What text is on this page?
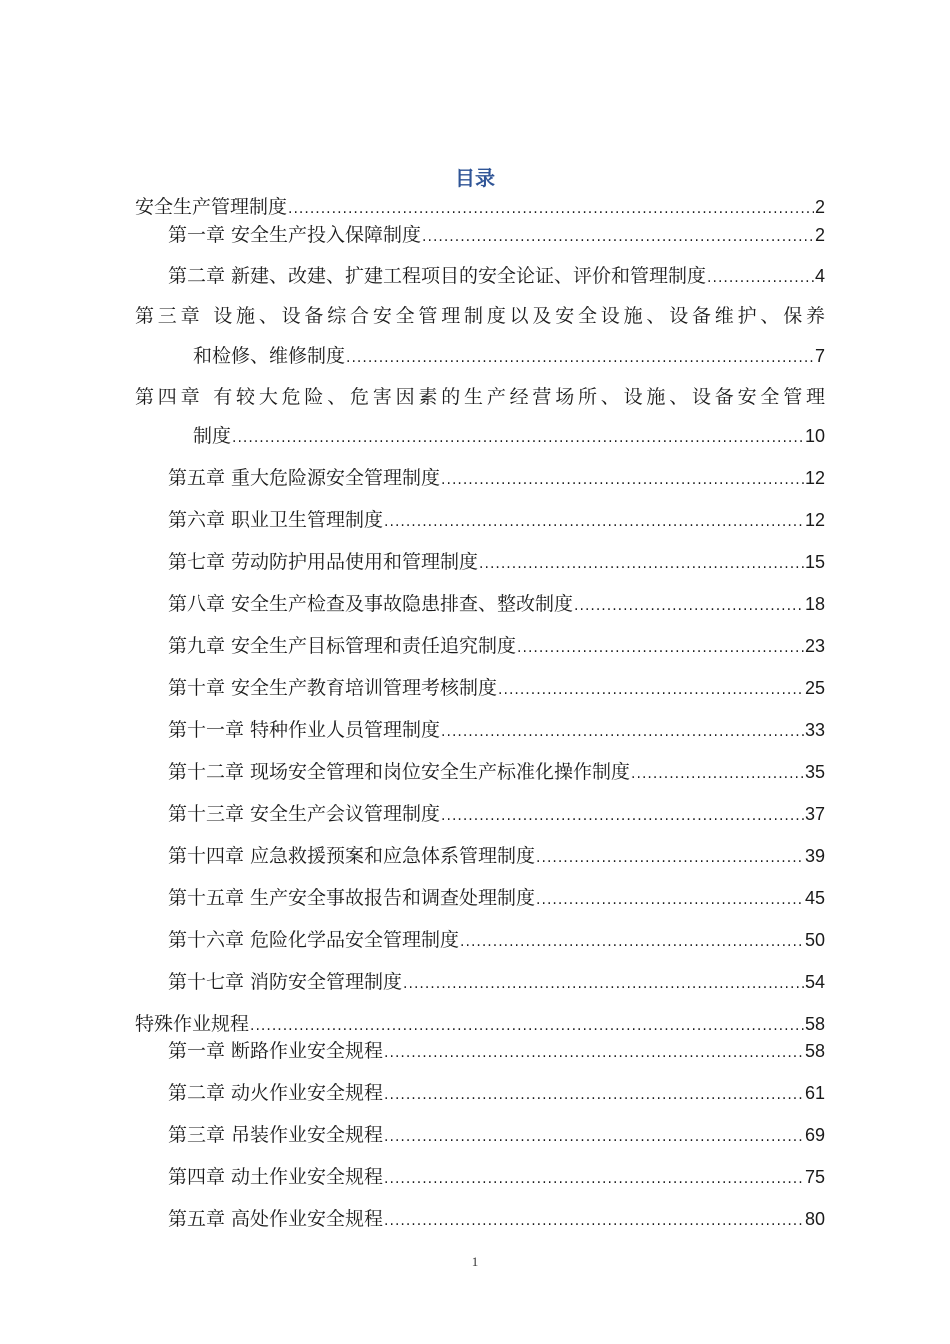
目录
安全生产管理制度 .....	2
第一章 安全生产投入保障制度 .....	2
第二章 新建、改建、扩建工程项目的安全论证、评价和管理制度 .....	4
第三章 设施、设备综合安全管理制度以及安全设施、设备维护、保养
和检修、维修制度 .....	7
第四章 有较大危险、危害因素的生产经营场所、设施、设备安全管理
制度 .....	10
第五章 重大危险源安全管理制度 .....	12
第六章 职业卫生管理制度 .....	12
第七章 劳动防护用品使用和管理制度 .....	15
第八章 安全生产检查及事故隐患排查、整改制度 .....	18
第九章 安全生产目标管理和责任追究制度 .....	23
第十章 安全生产教育培训管理考核制度 .....	25
第十一章 特种作业人员管理制度 .....	33
第十二章 现场安全管理和岗位安全生产标准化操作制度 .....	35
第十三章 安全生产会议管理制度 .....	37
第十四章 应急救援预案和应急体系管理制度 .....	39
第十五章 生产安全事故报告和调查处理制度 .....	45
第十六章 危险化学品安全管理制度 .....	50
第十七章 消防安全管理制度 .....	54
特殊作业规程 .....	58
第一章 断路作业安全规程 .....	58
第二章 动火作业安全规程 .....	61
第三章 吊装作业安全规程 .....	69
第四章 动土作业安全规程 .....	75
第五章 高处作业安全规程 .....	80
1
